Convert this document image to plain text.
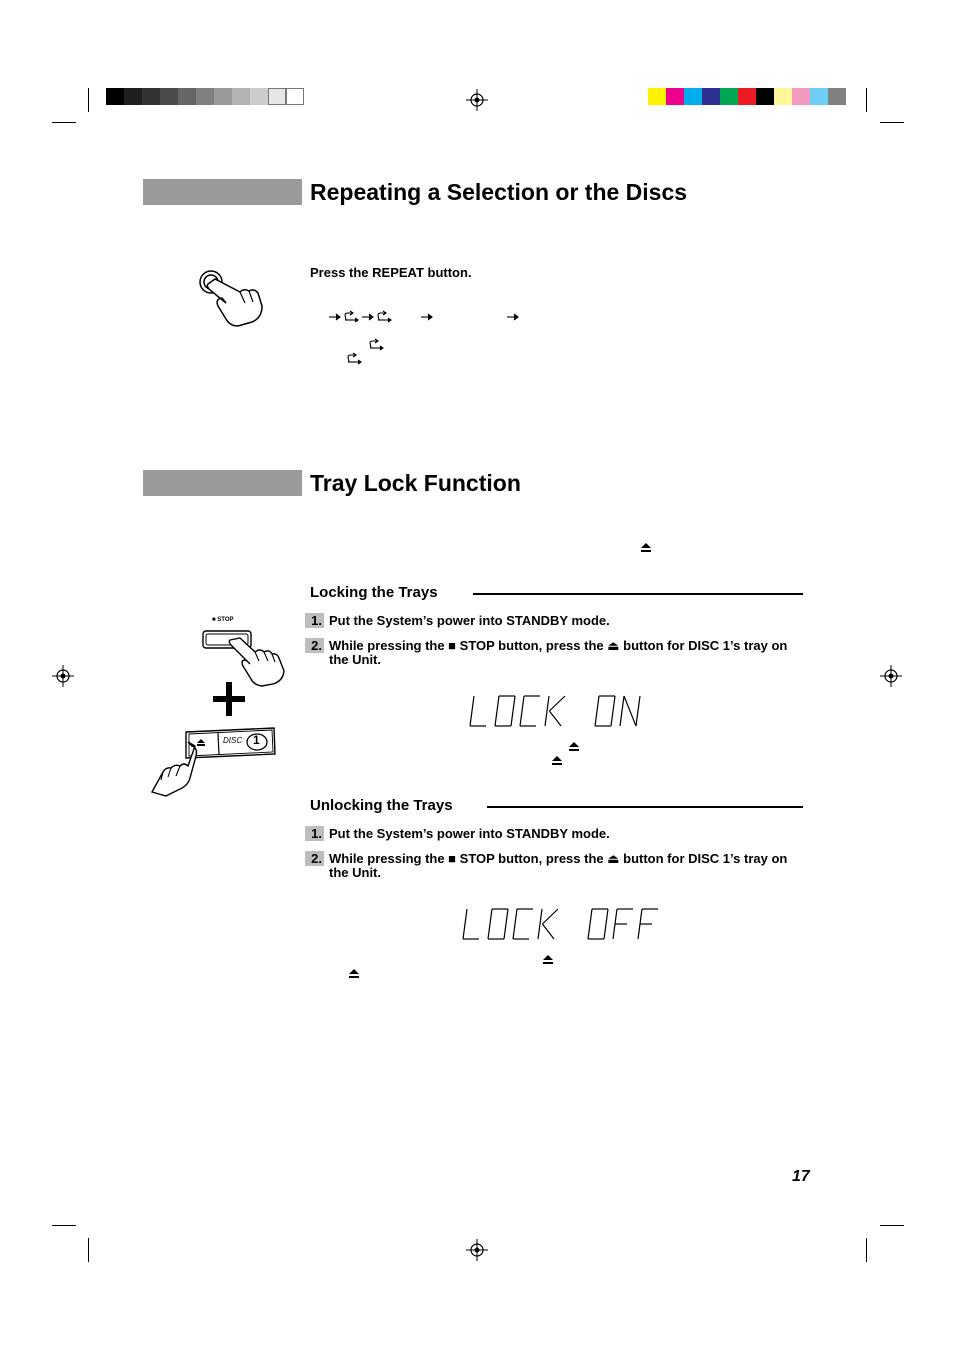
Repeating a Selection or the Discs
Press the REPEAT button.
Tray Lock Function
Locking the Trays
■ STOP
DISC 1
1. Put the System’s power into STANDBY mode.
2. While pressing the ■ STOP button, press the ⏏ button for DISC 1’s tray on the Unit.
Unlocking the Trays
1. Put the System’s power into STANDBY mode.
2. While pressing the ■ STOP button, press the ⏏ button for DISC 1’s tray on the Unit.
17
